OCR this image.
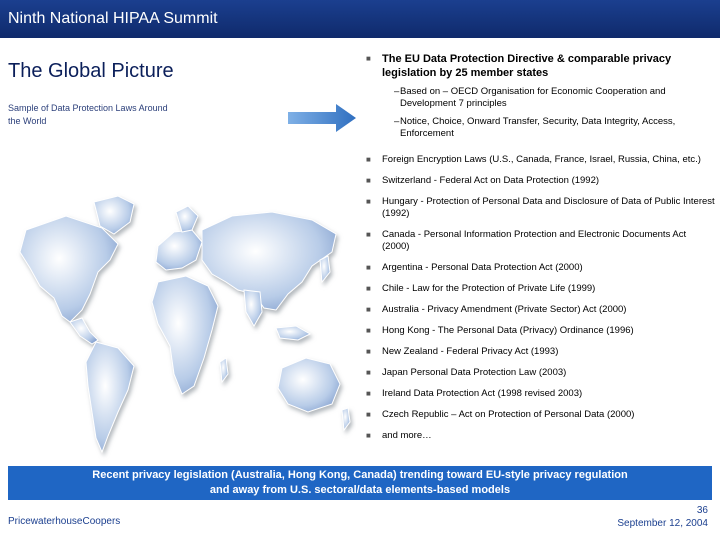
Ninth National HIPAA Summit
The Global Picture
Sample of Data Protection Laws Around the World
■ The EU Data Protection Directive & comparable privacy legislation by 25 member states
– Based on – OECD Organisation for Economic Cooperation and Development 7 principles
– Notice, Choice, Onward Transfer, Security, Data Integrity, Access, Enforcement
■ Foreign Encryption Laws (U.S., Canada, France, Israel, Russia, China, etc.)
■ Switzerland - Federal Act on Data Protection (1992)
■ Hungary - Protection of Personal Data and Disclosure of Data of Public Interest (1992)
■ Canada - Personal Information Protection and Electronic Documents Act (2000)
■ Argentina - Personal Data Protection Act (2000)
■ Chile - Law for the Protection of Private Life (1999)
■ Australia - Privacy Amendment (Private Sector) Act (2000)
■ Hong Kong - The Personal Data (Privacy) Ordinance (1996)
■ New Zealand - Federal Privacy Act (1993)
■ Japan Personal Data Protection Law (2003)
■ Ireland Data Protection Act (1998 revised 2003)
■ Czech Republic – Act on Protection of Personal Data (2000)
■ and more…
Recent privacy legislation (Australia, Hong Kong, Canada) trending toward EU-style privacy regulation
and away from U.S. sectoral/data elements-based models
PricewaterhouseCoopers
36
September 12, 2004
